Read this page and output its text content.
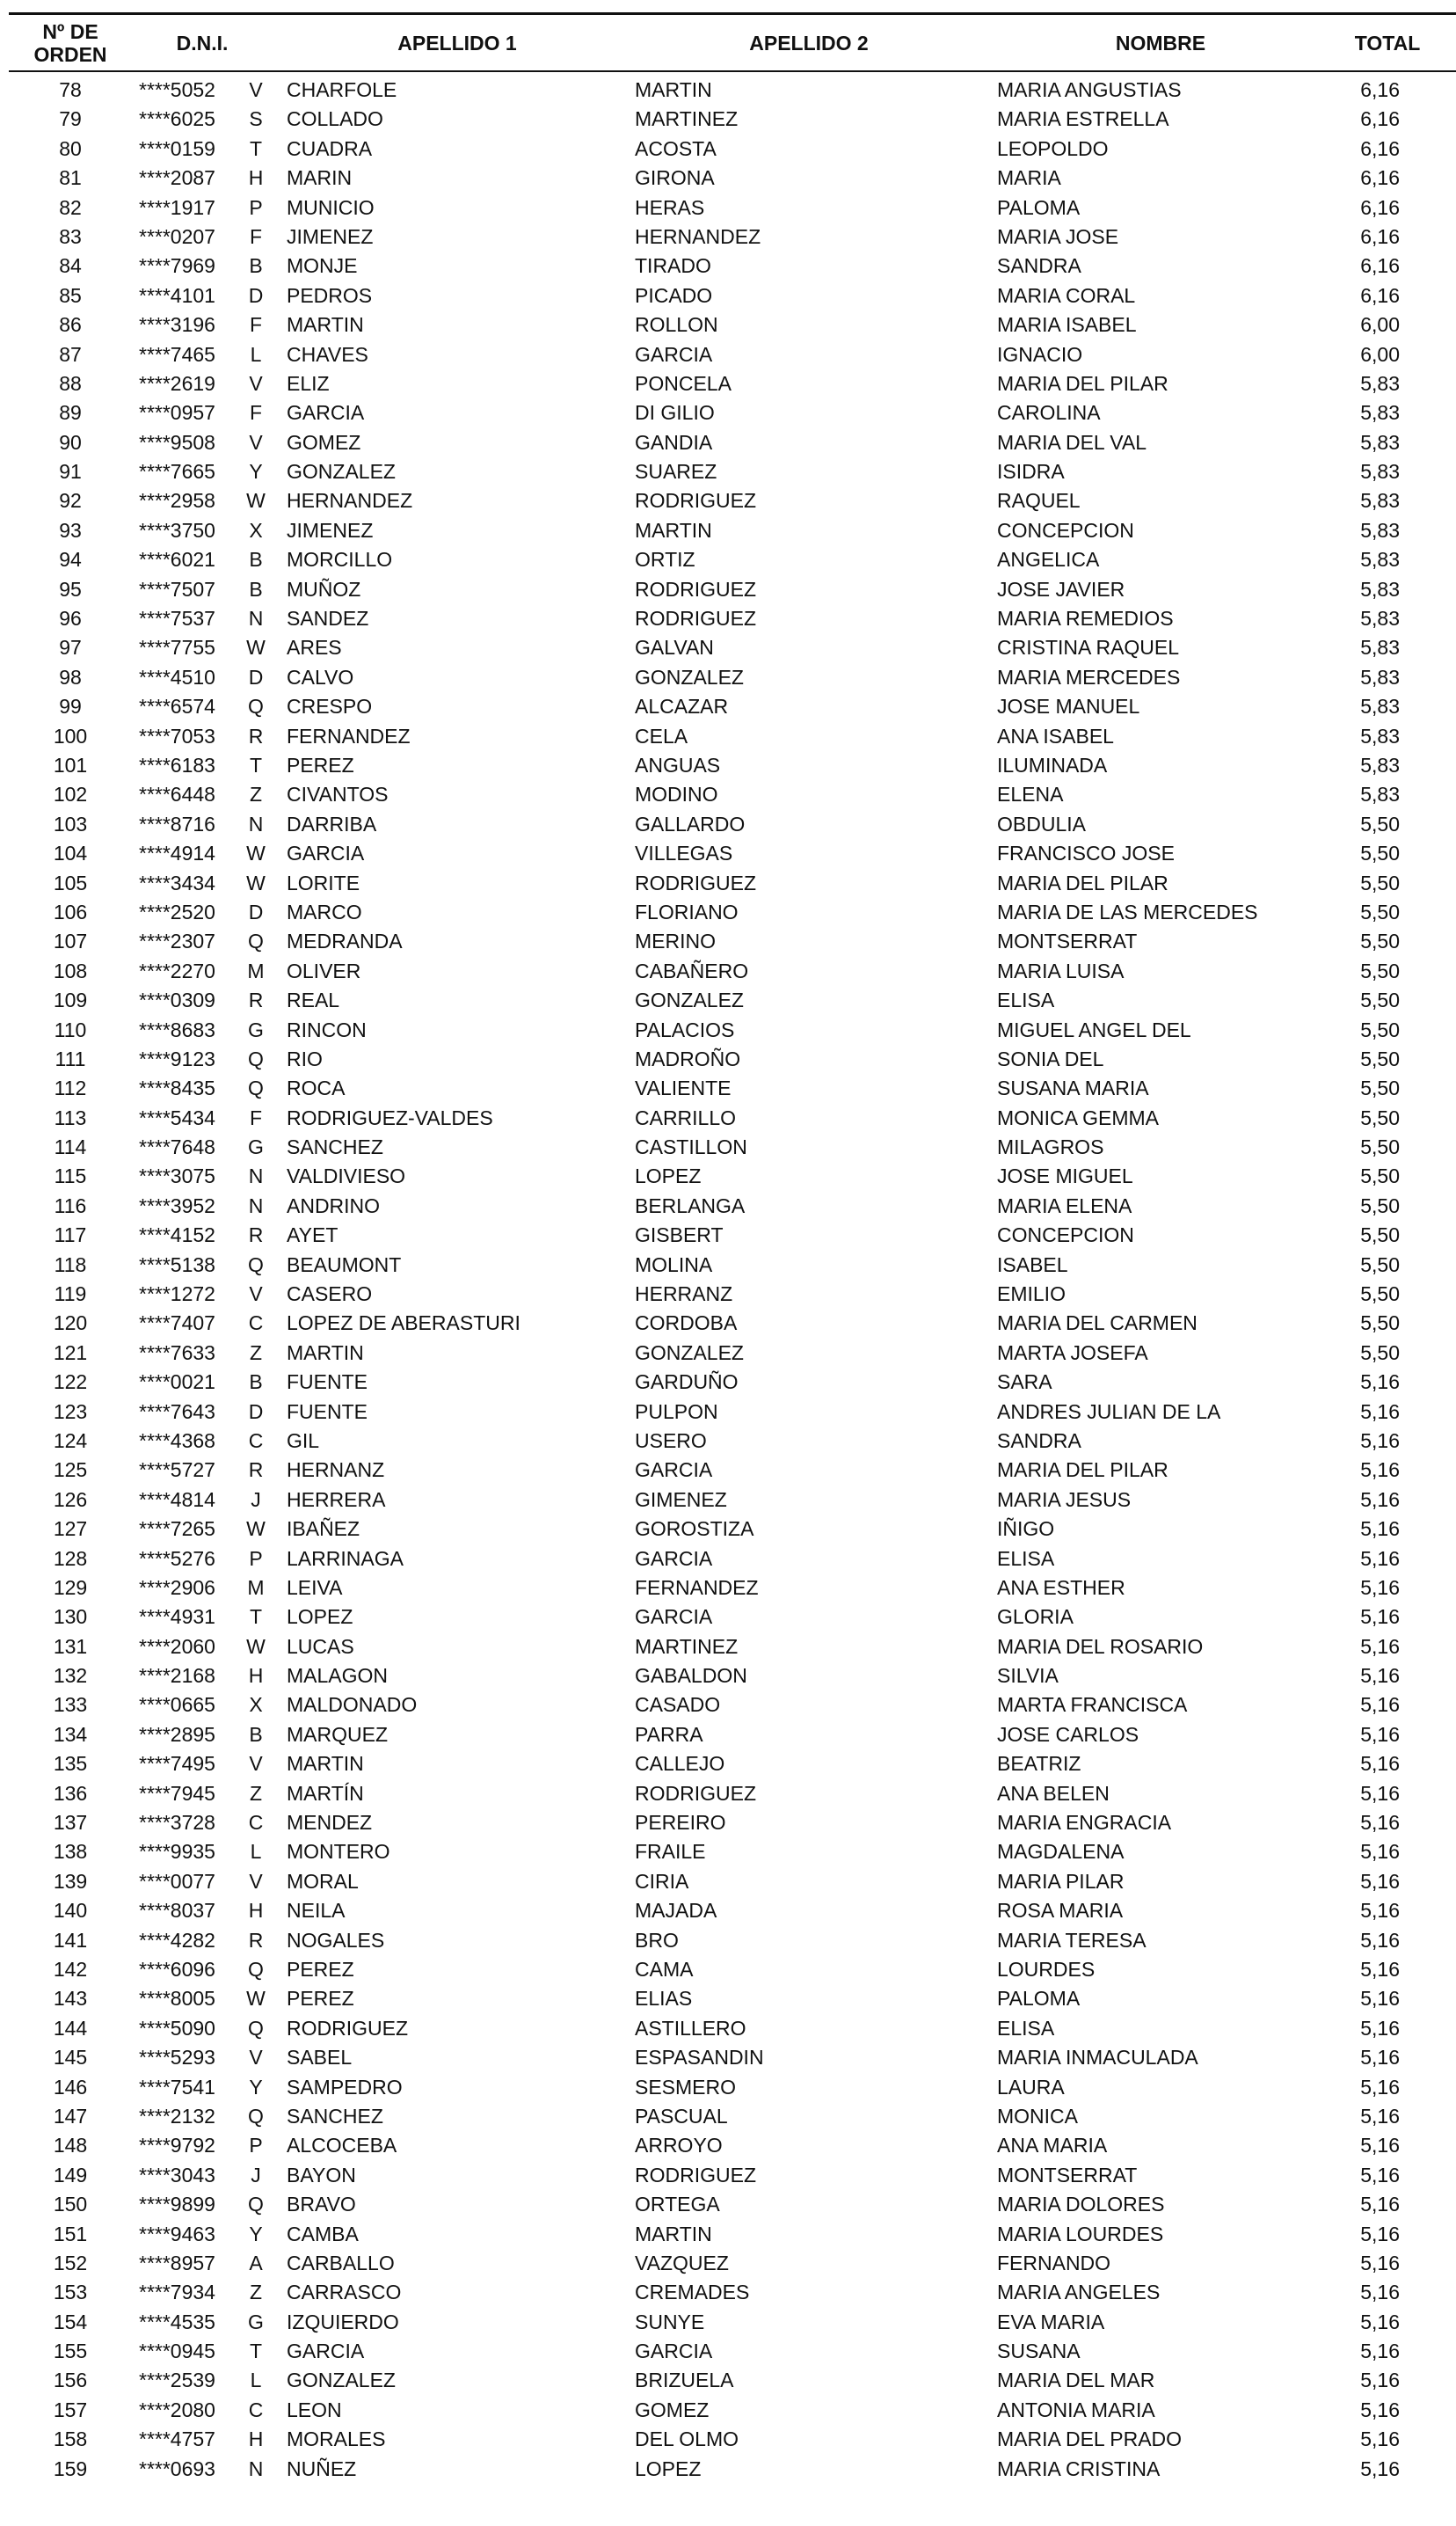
Nº DE
ORDEN	D.N.I.	APELLIDO 1	APELLIDO 2	NOMBRE	TOTAL
78	****5052	V CHARFOLE	MARTIN	MARIA ANGUSTIAS	6,16
79	****6025	S COLLADO	MARTINEZ	MARIA ESTRELLA	6,16
80	****0159	T CUADRA	ACOSTA	LEOPOLDO	6,16
81	****2087	H MARIN	GIRONA	MARIA	6,16
82	****1917	P MUNICIO	HERAS	PALOMA	6,16
83	****0207	F JIMENEZ	HERNANDEZ	MARIA JOSE	6,16
84	****7969	B MONJE	TIRADO	SANDRA	6,16
85	****4101	D PEDROS	PICADO	MARIA CORAL	6,16
86	****3196	F MARTIN	ROLLON	MARIA ISABEL	6,00
87	****7465	L CHAVES	GARCIA	IGNACIO	6,00
88	****2619	V ELIZ	PONCELA	MARIA DEL PILAR	5,83
89	****0957	F GARCIA	DI GILIO	CAROLINA	5,83
90	****9508	V GOMEZ	GANDIA	MARIA DEL VAL	5,83
91	****7665	Y GONZALEZ	SUAREZ	ISIDRA	5,83
92	****2958	W HERNANDEZ	RODRIGUEZ	RAQUEL	5,83
93	****3750	X JIMENEZ	MARTIN	CONCEPCION	5,83
94	****6021	B MORCILLO	ORTIZ	ANGELICA	5,83
95	****7507	B MUÑOZ	RODRIGUEZ	JOSE JAVIER	5,83
96	****7537	N SANDEZ	RODRIGUEZ	MARIA REMEDIOS	5,83
97	****7755	W ARES	GALVAN	CRISTINA RAQUEL	5,83
98	****4510	D CALVO	GONZALEZ	MARIA MERCEDES	5,83
99	****6574	Q CRESPO	ALCAZAR	JOSE MANUEL	5,83
100	****7053	R FERNANDEZ	CELA	ANA ISABEL	5,83
101	****6183	T PEREZ	ANGUAS	ILUMINADA	5,83
102	****6448	Z CIVANTOS	MODINO	ELENA	5,83
103	****8716	N DARRIBA	GALLARDO	OBDULIA	5,50
104	****4914	W GARCIA	VILLEGAS	FRANCISCO JOSE	5,50
105	****3434	W LORITE	RODRIGUEZ	MARIA DEL PILAR	5,50
106	****2520	D MARCO	FLORIANO	MARIA DE LAS MERCEDES	5,50
107	****2307	Q MEDRANDA	MERINO	MONTSERRAT	5,50
108	****2270	M OLIVER	CABAÑERO	MARIA LUISA	5,50
109	****0309	R REAL	GONZALEZ	ELISA	5,50
110	****8683	G RINCON	PALACIOS	MIGUEL ANGEL DEL	5,50
111	****9123	Q RIO	MADROÑO	SONIA DEL	5,50
112	****8435	Q ROCA	VALIENTE	SUSANA MARIA	5,50
113	****5434	F RODRIGUEZ-VALDES	CARRILLO	MONICA GEMMA	5,50
114	****7648	G SANCHEZ	CASTILLON	MILAGROS	5,50
115	****3075	N VALDIVIESO	LOPEZ	JOSE MIGUEL	5,50
116	****3952	N ANDRINO	BERLANGA	MARIA ELENA	5,50
117	****4152	R AYET	GISBERT	CONCEPCION	5,50
118	****5138	Q BEAUMONT	MOLINA	ISABEL	5,50
119	****1272	V CASERO	HERRANZ	EMILIO	5,50
120	****7407	C LOPEZ DE ABERASTURI	CORDOBA	MARIA DEL CARMEN	5,50
121	****7633	Z MARTIN	GONZALEZ	MARTA JOSEFA	5,50
122	****0021	B FUENTE	GARDUÑO	SARA	5,16
123	****7643	D FUENTE	PULPON	ANDRES JULIAN DE LA	5,16
124	****4368	C GIL	USERO	SANDRA	5,16
125	****5727	R HERNANZ	GARCIA	MARIA DEL PILAR	5,16
126	****4814	J	HERRERA	GIMENEZ	MARIA JESUS	5,16
127	****7265	W IBAÑEZ	GOROSTIZA	IÑIGO	5,16
128	****5276	P LARRINAGA	GARCIA	ELISA	5,16
129	****2906	M LEIVA	FERNANDEZ	ANA ESTHER	5,16
130	****4931	T LOPEZ	GARCIA	GLORIA	5,16
131	****2060	W LUCAS	MARTINEZ	MARIA DEL ROSARIO	5,16
132	****2168	H MALAGON	GABALDON	SILVIA	5,16
133	****0665	X MALDONADO	CASADO	MARTA FRANCISCA	5,16
134	****2895	B MARQUEZ	PARRA	JOSE CARLOS	5,16
135	****7495	V MARTIN	CALLEJO	BEATRIZ	5,16
136	****7945	Z MARTÍN	RODRIGUEZ	ANA BELEN	5,16
137	****3728	C MENDEZ	PEREIRO	MARIA ENGRACIA	5,16
138	****9935	L MONTERO	FRAILE	MAGDALENA	5,16
139	****0077	V MORAL	CIRIA	MARIA PILAR	5,16
140	****8037	H NEILA	MAJADA	ROSA MARIA	5,16
141	****4282	R NOGALES	BRO	MARIA TERESA	5,16
142	****6096	Q PEREZ	CAMA	LOURDES	5,16
143	****8005	W PEREZ	ELIAS	PALOMA	5,16
144	****5090	Q RODRIGUEZ	ASTILLERO	ELISA	5,16
145	****5293	V SABEL	ESPASANDIN	MARIA INMACULADA	5,16
146	****7541	Y SAMPEDRO	SESMERO	LAURA	5,16
147	****2132	Q SANCHEZ	PASCUAL	MONICA	5,16
148	****9792	P ALCOCEBA	ARROYO	ANA MARIA	5,16
149	****3043	J	BAYON	RODRIGUEZ	MONTSERRAT	5,16
150	****9899	Q BRAVO	ORTEGA	MARIA DOLORES	5,16
151	****9463	Y CAMBA	MARTIN	MARIA LOURDES	5,16
152	****8957	A CARBALLO	VAZQUEZ	FERNANDO	5,16
153	****7934	Z CARRASCO	CREMADES	MARIA ANGELES	5,16
154	****4535	G IZQUIERDO	SUNYE	EVA MARIA	5,16
155	****0945	T GARCIA	GARCIA	SUSANA	5,16
156	****2539	L GONZALEZ	BRIZUELA	MARIA DEL MAR	5,16
157	****2080	C LEON	GOMEZ	ANTONIA MARIA	5,16
158	****4757	H MORALES	DEL OLMO	MARIA DEL PRADO	5,16
159	****0693	N NUÑEZ	LOPEZ	MARIA CRISTINA	5,16
